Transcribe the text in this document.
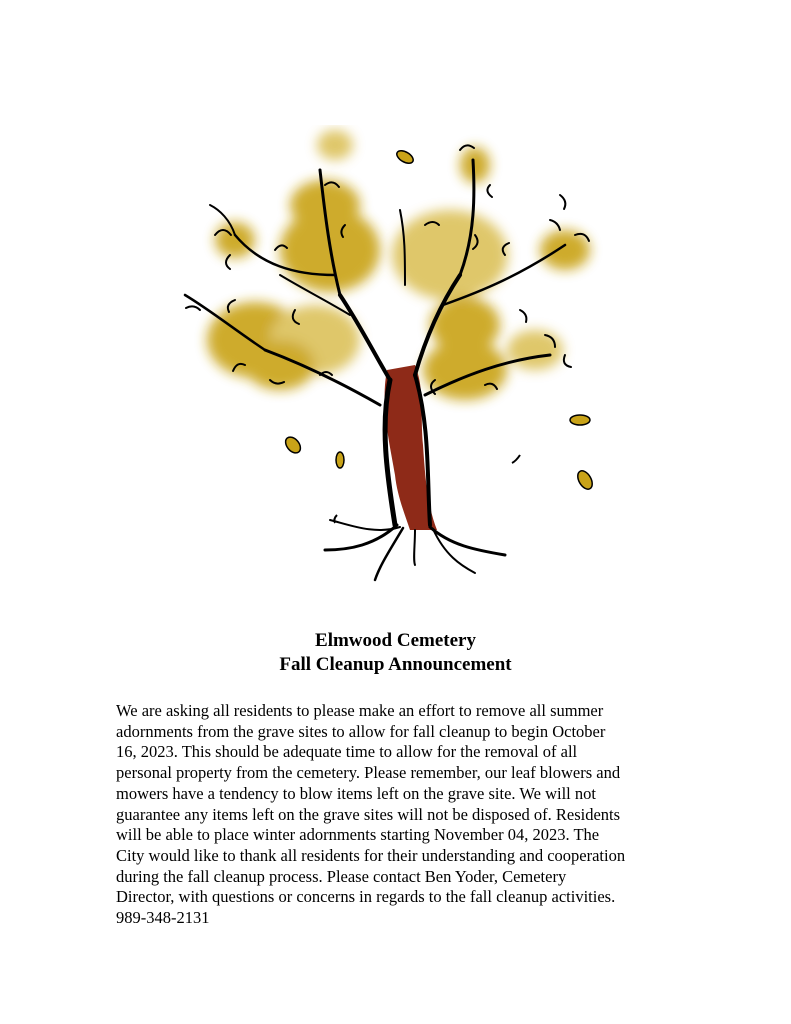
Elmwood Cemetery
Fall Cleanup Announcement
We are asking all residents to please make an effort to remove all summer
adornments from the grave sites to allow for fall cleanup to begin October
16, 2023. This should be adequate time to allow for the removal of all
personal property from the cemetery. Please remember, our leaf blowers and
mowers have a tendency to blow items left on the grave site. We will not
guarantee any items left on the grave sites will not be disposed of. Residents
will be able to place winter adornments starting November 04, 2023. The
City would like to thank all residents for their understanding and cooperation
during the fall cleanup process. Please contact Ben Yoder, Cemetery
Director, with questions or concerns in regards to the fall cleanup activities.
989-348-2131
